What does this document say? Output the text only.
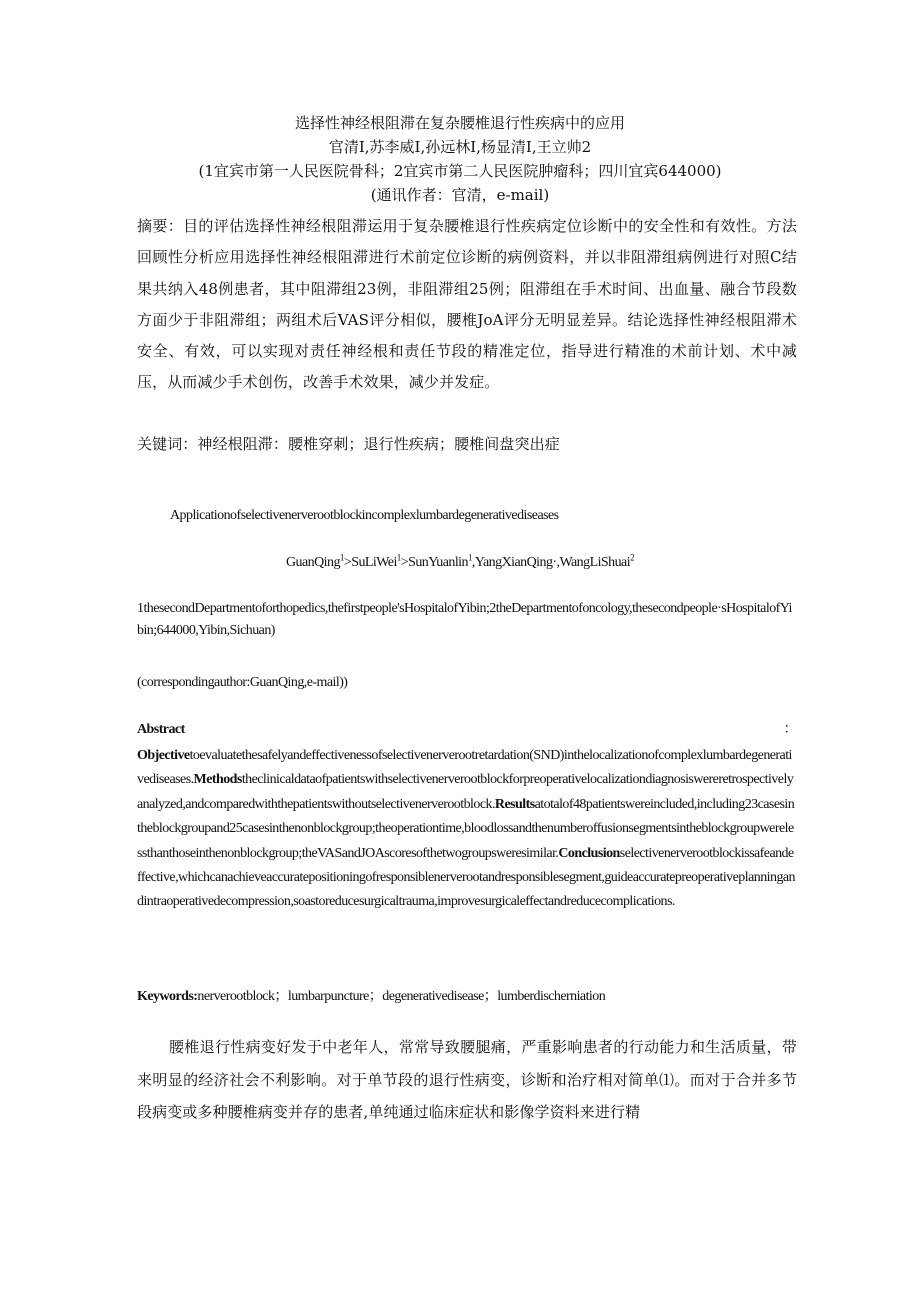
选择性神经根阻滞在复杂腰椎退行性疾病中的应用
官清I,苏李威I,孙远林I,杨显清I,王立帅2
(1宜宾市第一人民医院骨科；2宜宾市第二人民医院肿瘤科；四川宜宾644000)
(通讯作者：官清，e-mail)
摘要：目的评估选择性神经根阻滞运用于复杂腰椎退行性疾病定位诊断中的安全性和有效性。方法回顾性分析应用选择性神经根阻滞进行术前定位诊断的病例资料，并以非阻滞组病例进行对照C结果共纳入48例患者，其中阻滞组23例，非阻滞组25例；阻滞组在手术时间、出血量、融合节段数方面少于非阻滞组；两组术后VAS评分相似，腰椎JoA评分无明显差异。结论选择性神经根阻滞术安全、有效，可以实现对责任神经根和责任节段的精准定位，指导进行精准的术前计划、术中减压，从而减少手术创伤，改善手术效果，减少并发症。
关键词：神经根阻滞：腰椎穿刺；退行性疾病；腰椎间盘突出症
Applicationofselectivenerverootblockincomplexlumbardegenerativediseases
GuanQing$^1$>SuLiWei$^1$>SunYuanlin$^1$,YangXianQing·,WangLiShuai$^2$
1thesecondDepartmentoforthopedics,thefirstpeople'sHospitalofYibin;2theDepartmentofoncology,thesecondpeople·sHospitalofYibin;644000,Yibin,Sichuan)
(correspondingauthor:GuanQing,e-mail))
Abstract	：
Objectivetoevaluatethesafelyandeffectivenessofselectivenerverootretardation(SND)inthelocalizationofcomplexlumbardegenerativediseases.Methodstheclinicaldataofpatientswithselectivenerverootblockforpreoperativelocalizationdiagnosiswereretrospectivelyanalyzed,andcomparedwiththepatientswithoutselectivenerverootblock.Resultsatotalof48patientswereincluded,including23casesintheblockgroupand25casesinthenonblockgroup;theoperationtime,bloodlossandthenumberoffusionsegmentsintheblockgroupwerelessthanthoseinthenonblockgroup;theVASandJOAscoresofthetwogroupsweresimilar.Conclusionselectivenerverootblockissafeandeffective,whichcanachieveaccuratepositioningofresponsiblenerverootandresponsiblesegment,guideaccuratepreoperativeplanningandintraoperativedecompression,soastoreducesurgicaltrauma,improvesurgicaleffectandreducecomplications.
Keywords:nerverootblock；lumbarpuncture；degenerativedisease；lumberdischerniation
腰椎退行性病变好发于中老年人，常常导致腰腿痛，严重影响患者的行动能力和生活质量，带来明显的经济社会不利影响。对于单节段的退行性病变，诊断和治疗相对简单⑴。而对于合并多节段病变或多种腰椎病变并存的患者,单纯通过临床症状和影像学资料来进行精
